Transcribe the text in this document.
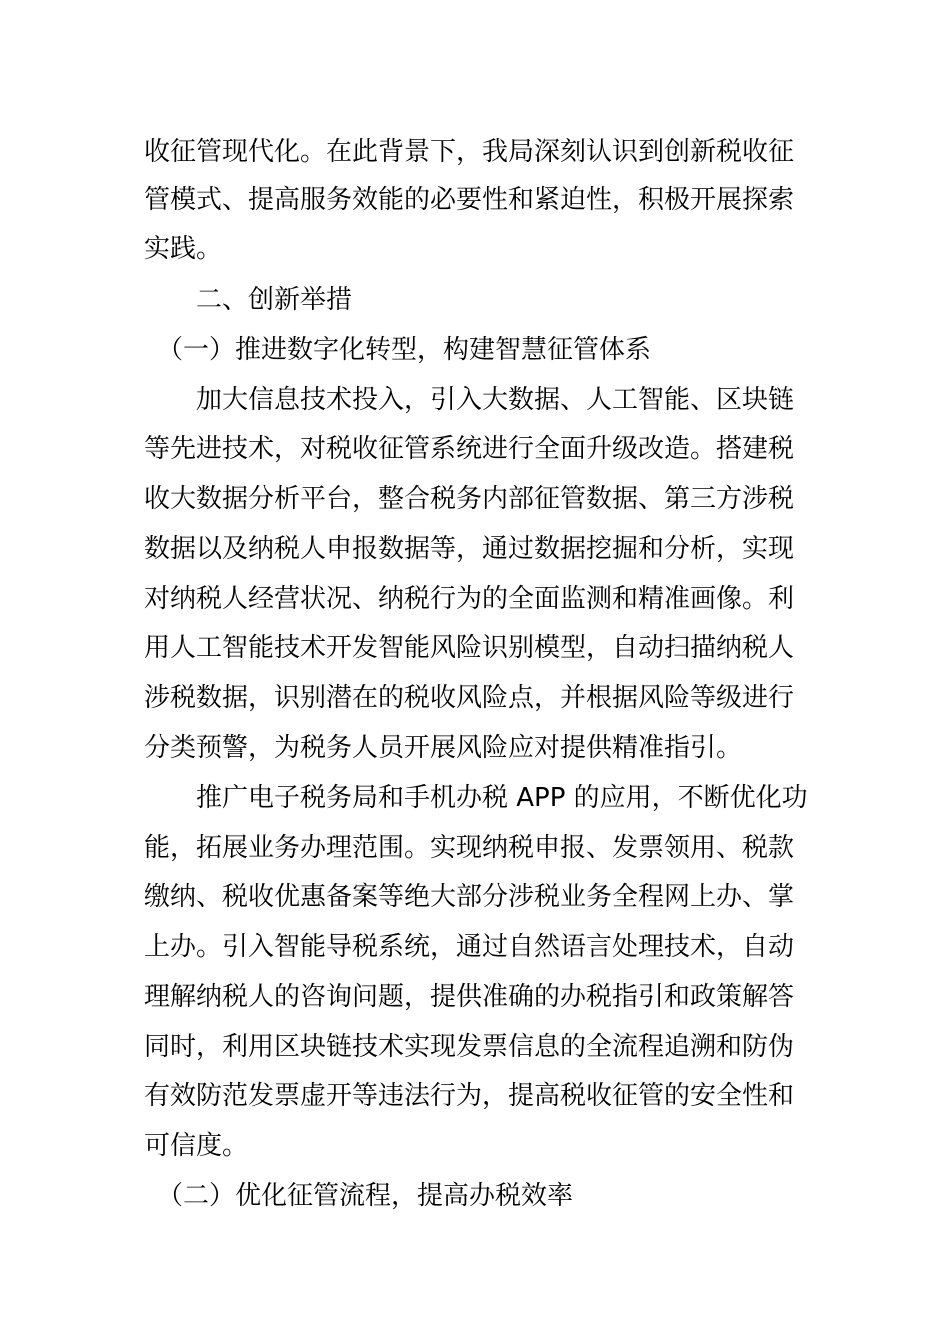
收征管现代化。在此背景下，我局深刻认识到创新税收征
管模式、提高服务效能的必要性和紧迫性，积极开展探索
实践。
　　二、创新举措
　（一）推进数字化转型，构建智慧征管体系
　　加大信息技术投入，引入大数据、人工智能、区块链
等先进技术，对税收征管系统进行全面升级改造。搭建税
收大数据分析平台，整合税务内部征管数据、第三方涉税
数据以及纳税人申报数据等，通过数据挖掘和分析，实现
对纳税人经营状况、纳税行为的全面监测和精准画像。利
用人工智能技术开发智能风险识别模型，自动扫描纳税人
涉税数据，识别潜在的税收风险点，并根据风险等级进行
分类预警，为税务人员开展风险应对提供精准指引。
　　推广电子税务局和手机办税 APP 的应用，不断优化功
能，拓展业务办理范围。实现纳税申报、发票领用、税款
缴纳、税收优惠备案等绝大部分涉税业务全程网上办、掌
上办。引入智能导税系统，通过自然语言处理技术，自动
理解纳税人的咨询问题，提供准确的办税指引和政策解答
同时，利用区块链技术实现发票信息的全流程追溯和防伪
有效防范发票虚开等违法行为，提高税收征管的安全性和
可信度。
　（二）优化征管流程，提高办税效率
